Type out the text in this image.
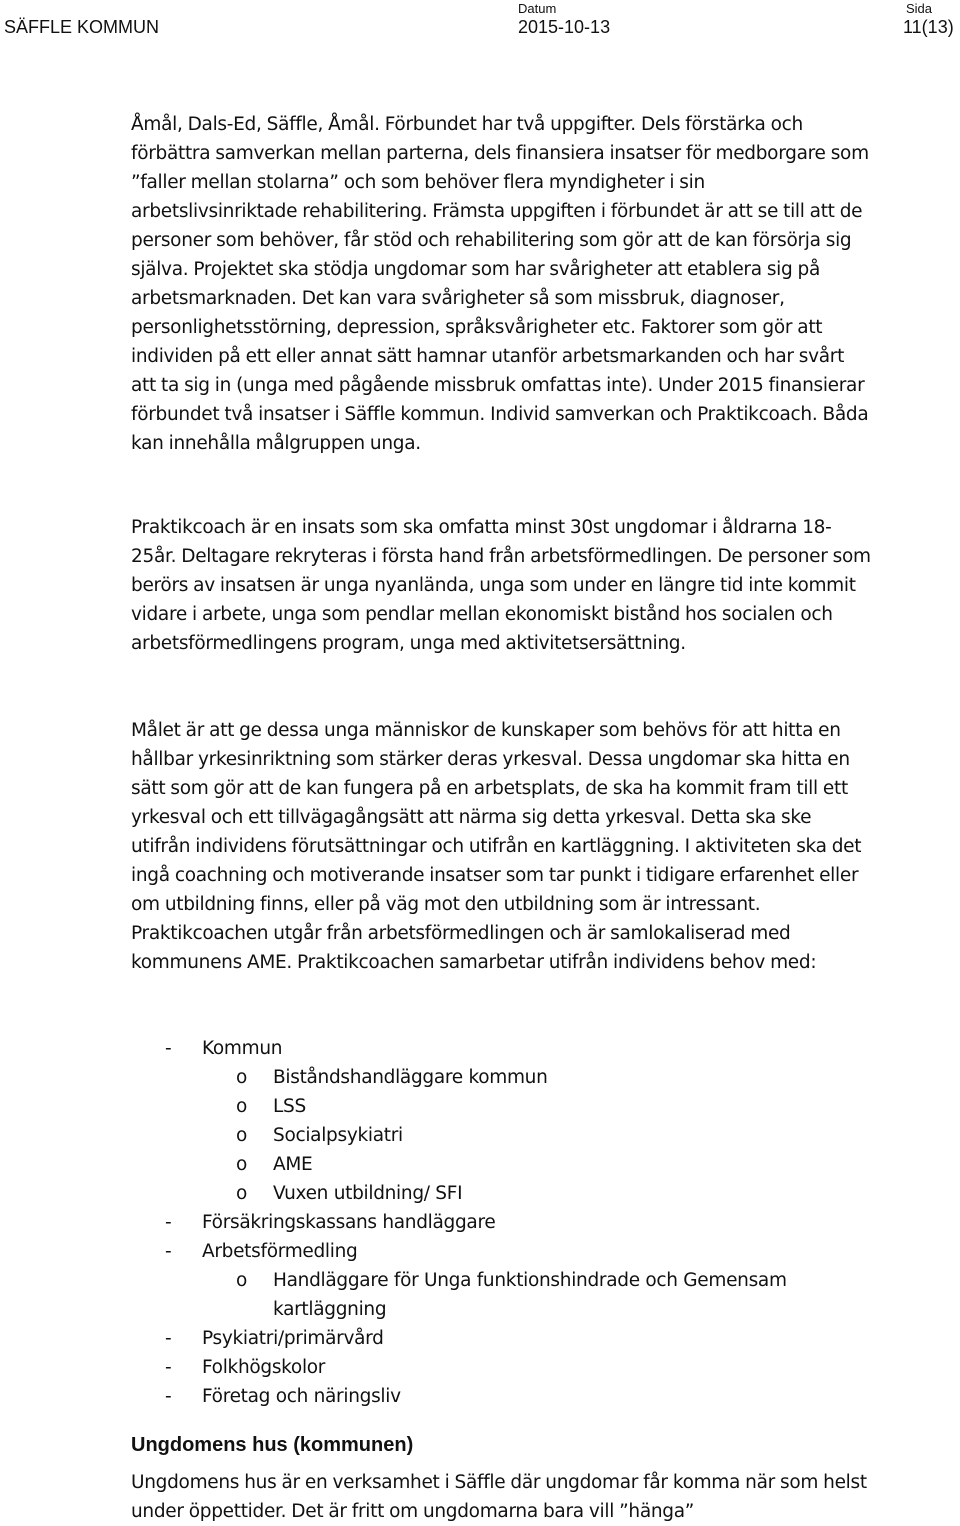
SÄFFLE KOMMUN
Datum
2015-10-13
Sida
11(13)

Åmål, Dals-Ed, Säffle, Åmål. Förbundet har två uppgifter. Dels förstärka och förbättra samverkan mellan parterna, dels finansiera insatser för medborgare som ”faller mellan stolarna” och som behöver flera myndigheter i sin arbetslivsinriktade rehabilitering. Främsta uppgiften i förbundet är att se till att de personer som behöver, får stöd och rehabilitering som gör att de kan försörja sig själva. Projektet ska stödja ungdomar som har svårigheter att etablera sig på arbetsmarknaden. Det kan vara svårigheter så som missbruk, diagnoser, personlighetsstörning, depression, språksvårigheter etc. Faktorer som gör att individen på ett eller annat sätt hamnar utanför arbetsmarkanden och har svårt att ta sig in (unga med pågående missbruk omfattas inte). Under 2015 finansierar förbundet två insatser i Säffle kommun. Individ samverkan och Praktikcoach. Båda kan innehålla målgruppen unga.

Praktikcoach är en insats som ska omfatta minst 30st ungdomar i åldrarna 18-25år. Deltagare rekryteras i första hand från arbetsförmedlingen. De personer som berörs av insatsen är unga nyanlända, unga som under en längre tid inte kommit vidare i arbete, unga som pendlar mellan ekonomiskt bistånd hos socialen och arbetsförmedlingens program, unga med aktivitetsersättning.

Målet är att ge dessa unga människor de kunskaper som behövs för att hitta en hållbar yrkesinriktning som stärker deras yrkesval. Dessa ungdomar ska hitta en sätt som gör att de kan fungera på en arbetsplats, de ska ha kommit fram till ett yrkesval och ett tillvägagångsätt att närma sig detta yrkesval. Detta ska ske utifrån individens förutsättningar och utifrån en kartläggning. I aktiviteten ska det ingå coachning och motiverande insatser som tar punkt i tidigare erfarenhet eller om utbildning finns, eller på väg mot den utbildning som är intressant. Praktikcoachen utgår från arbetsförmedlingen och är samlokaliserad med kommunens AME. Praktikcoachen samarbetar utifrån individens behov med:

- Kommun
o Biståndshandläggare kommun
o LSS
o Socialpsykiatri
o AME
o Vuxen utbildning/ SFI
- Försäkringskassans handläggare
- Arbetsförmedling
o Handläggare för Unga funktionshindrade och Gemensam kartläggning
- Psykiatri/primärvård
- Folkhögskolor
- Företag och näringsliv
Ungdomens hus (kommunen)

Ungdomens hus är en verksamhet i Säffle där ungdomar får komma när som helst under öppettider. Det är fritt om ungdomarna bara vill ”hänga”
